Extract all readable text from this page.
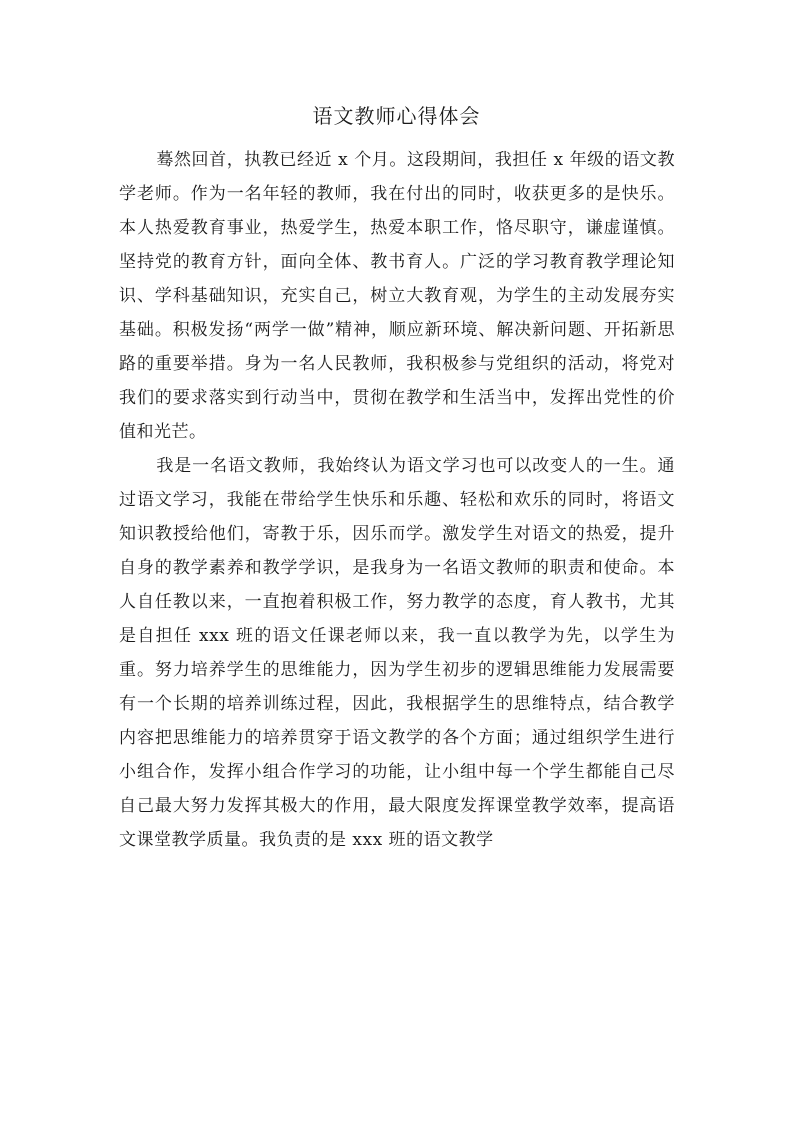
语文教师心得体会

蓦然回首，执教已经近 x 个月。这段期间，我担任 x 年级的语文教学老师。作为一名年轻的教师，我在付出的同时，收获更多的是快乐。本人热爱教育事业，热爱学生，热爱本职工作，恪尽职守，谦虚谨慎。坚持党的教育方针，面向全体、教书育人。广泛的学习教育教学理论知识、学科基础知识，充实自己，树立大教育观，为学生的主动发展夯实基础。积极发扬“两学一做”精神，顺应新环境、解决新问题、开拓新思路的重要举措。身为一名人民教师，我积极参与党组织的活动，将党对我们的要求落实到行动当中，贯彻在教学和生活当中，发挥出党性的价值和光芒。

我是一名语文教师，我始终认为语文学习也可以改变人的一生。通过语文学习，我能在带给学生快乐和乐趣、轻松和欢乐的同时，将语文知识教授给他们，寄教于乐，因乐而学。激发学生对语文的热爱，提升自身的教学素养和教学学识，是我身为一名语文教师的职责和使命。本人自任教以来，一直抱着积极工作，努力教学的态度，育人教书，尤其是自担任 xxx 班的语文任课老师以来，我一直以教学为先，以学生为重。努力培养学生的思维能力，因为学生初步的逻辑思维能力发展需要有一个长期的培养训练过程，因此，我根据学生的思维特点，结合教学内容把思维能力的培养贯穿于语文教学的各个方面；通过组织学生进行小组合作，发挥小组合作学习的功能，让小组中每一个学生都能自己尽自己最大努力发挥其极大的作用，最大限度发挥课堂教学效率，提高语文课堂教学质量。我负责的是 xxx 班的语文教学
